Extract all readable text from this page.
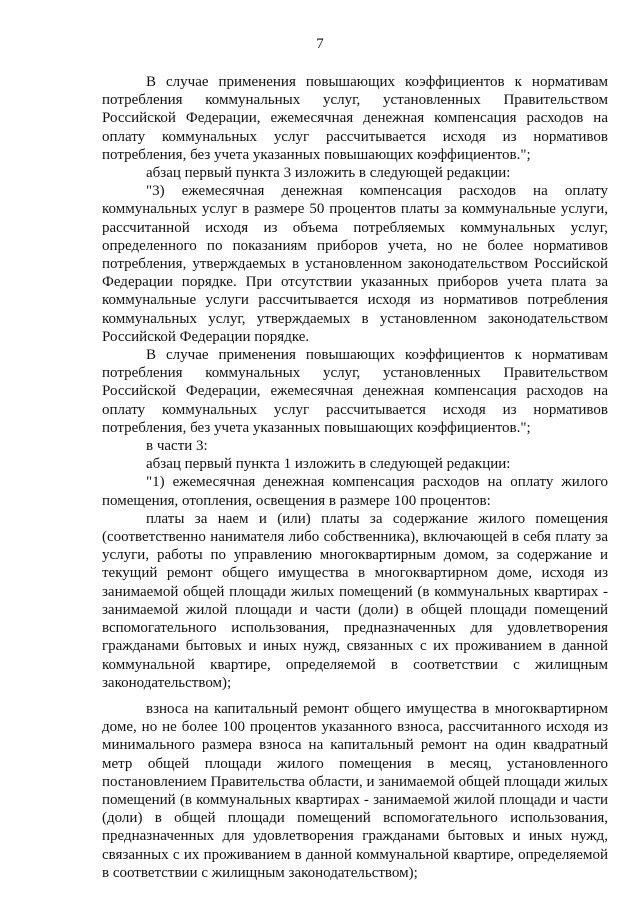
7

В случае применения повышающих коэффициентов к нормативам потребления коммунальных услуг, установленных Правительством Российской Федерации, ежемесячная денежная компенсация расходов на оплату коммунальных услуг рассчитывается исходя из нормативов потребления, без учета указанных повышающих коэффициентов.";

абзац первый пункта 3 изложить в следующей редакции:

"3) ежемесячная денежная компенсация расходов на оплату коммунальных услуг в размере 50 процентов платы за коммунальные услуги, рассчитанной исходя из объема потребляемых коммунальных услуг, определенного по показаниям приборов учета, но не более нормативов потребления, утверждаемых в установленном законодательством Российской Федерации порядке. При отсутствии указанных приборов учета плата за коммунальные услуги рассчитывается исходя из нормативов потребления коммунальных услуг, утверждаемых в установленном законодательством Российской Федерации порядке.

В случае применения повышающих коэффициентов к нормативам потребления коммунальных услуг, установленных Правительством Российской Федерации, ежемесячная денежная компенсация расходов на оплату коммунальных услуг рассчитывается исходя из нормативов потребления, без учета указанных повышающих коэффициентов.";

в части 3:

абзац первый пункта 1 изложить в следующей редакции:

"1) ежемесячная денежная компенсация расходов на оплату жилого помещения, отопления, освещения в размере 100 процентов:

платы за наем и (или) платы за содержание жилого помещения (соответственно нанимателя либо собственника), включающей в себя плату за услуги, работы по управлению многоквартирным домом, за содержание и текущий ремонт общего имущества в многоквартирном доме, исходя из занимаемой общей площади жилых помещений (в коммунальных квартирах - занимаемой жилой площади и части (доли) в общей площади помещений вспомогательного использования, предназначенных для удовлетворения гражданами бытовых и иных нужд, связанных с их проживанием в данной коммунальной квартире, определяемой в соответствии с жилищным законодательством);

взноса на капитальный ремонт общего имущества в многоквартирном доме, но не более 100 процентов указанного взноса, рассчитанного исходя из минимального размера взноса на капитальный ремонт на один квадратный метр общей площади жилого помещения в месяц, установленного постановлением Правительства области, и занимаемой общей площади жилых помещений (в коммунальных квартирах - занимаемой жилой площади и части (доли) в общей площади помещений вспомогательного использования, предназначенных для удовлетворения гражданами бытовых и иных нужд, связанных с их проживанием в данной коммунальной квартире, определяемой в соответствии с жилищным законодательством);
